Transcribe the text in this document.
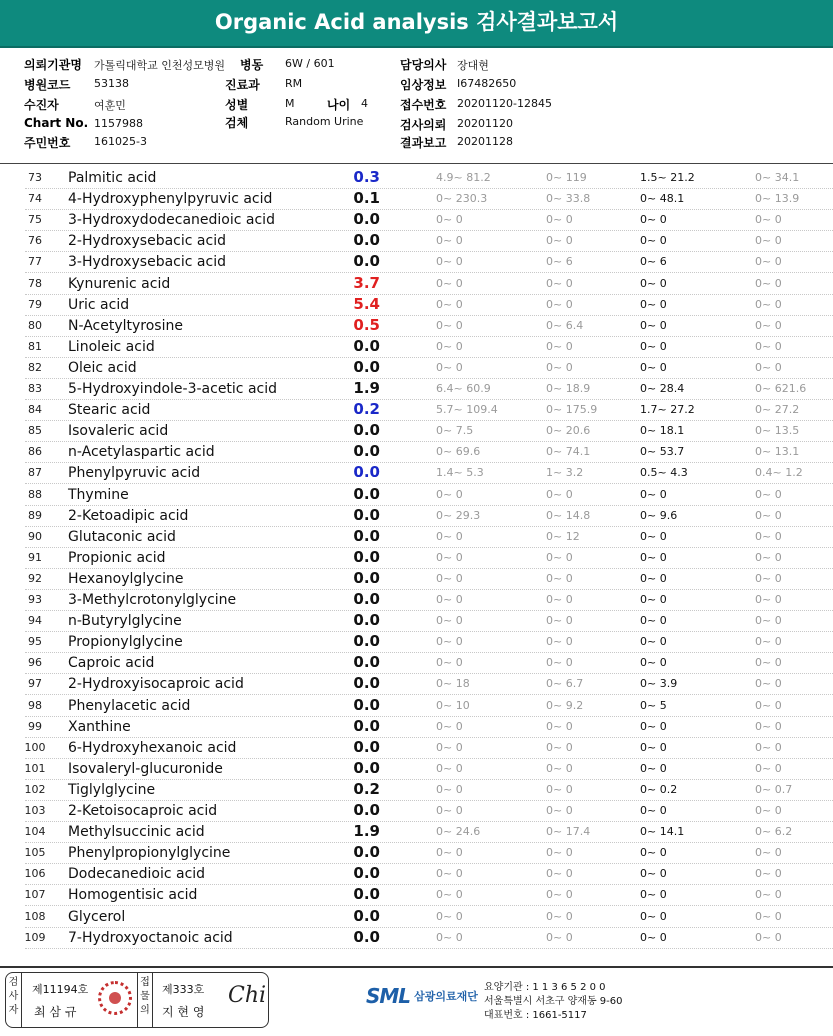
Organic Acid analysis 검사결과보고서
의뢰기관명 가톨릭대학교 인천성모병원 병동 6W / 601	담당의사 장대현
병원코드 53138	진료과 RM	임상정보 I67482650
수진자	여훈민	성별	M	나이 4	접수번호 20201120-12845
Chart No. 1157988	검체	Random Urine	검사의뢰 20201120
주민번호 161025-3	결과보고 20201128
73	Palmitic acid	0.3	4.9~ 81.2	0~ 119	1.5~ 21.2	0~ 34.1
74	4-Hydroxyphenylpyruvic acid	0.1	0~ 230.3	0~ 33.8	0~ 48.1	0~ 13.9
75	3-Hydroxydodecanedioic acid	0.0	0~ 0	0~ 0	0~ 0	0~ 0
76	2-Hydroxysebacic acid	0.0	0~ 0	0~ 0	0~ 0	0~ 0
77	3-Hydroxysebacic acid	0.0	0~ 0	0~ 6	0~ 6	0~ 0
78	Kynurenic acid	3.7	0~ 0	0~ 0	0~ 0	0~ 0
79	Uric acid	5.4	0~ 0	0~ 0	0~ 0	0~ 0
80	N-Acetyltyrosine	0.5	0~ 0	0~ 6.4	0~ 0	0~ 0
81	Linoleic acid	0.0	0~ 0	0~ 0	0~ 0	0~ 0
82	Oleic acid	0.0	0~ 0	0~ 0	0~ 0	0~ 0
83	5-Hydroxyindole-3-acetic acid	1.9	6.4~ 60.9	0~ 18.9	0~ 28.4	0~ 621.6
84	Stearic acid	0.2	5.7~ 109.4	0~ 175.9	1.7~ 27.2	0~ 27.2
85	Isovaleric acid	0.0	0~ 7.5	0~ 20.6	0~ 18.1	0~ 13.5
86	n-Acetylaspartic acid	0.0	0~ 69.6	0~ 74.1	0~ 53.7	0~ 13.1
87	Phenylpyruvic acid	0.0	1.4~ 5.3	1~ 3.2	0.5~ 4.3	0.4~ 1.2
88	Thymine	0.0	0~ 0	0~ 0	0~ 0	0~ 0
89	2-Ketoadipic acid	0.0	0~ 29.3	0~ 14.8	0~ 9.6	0~ 0
90	Glutaconic acid	0.0	0~ 0	0~ 12	0~ 0	0~ 0
91	Propionic acid	0.0	0~ 0	0~ 0	0~ 0	0~ 0
92	Hexanoylglycine	0.0	0~ 0	0~ 0	0~ 0	0~ 0
93	3-Methylcrotonylglycine	0.0	0~ 0	0~ 0	0~ 0	0~ 0
94	n-Butyrylglycine	0.0	0~ 0	0~ 0	0~ 0	0~ 0
95	Propionylglycine	0.0	0~ 0	0~ 0	0~ 0	0~ 0
96	Caproic acid	0.0	0~ 0	0~ 0	0~ 0	0~ 0
97	2-Hydroxyisocaproic acid	0.0	0~ 18	0~ 6.7	0~ 3.9	0~ 0
98	Phenylacetic acid	0.0	0~ 10	0~ 9.2	0~ 5	0~ 0
99	Xanthine	0.0	0~ 0	0~ 0	0~ 0	0~ 0
100	6-Hydroxyhexanoic acid	0.0	0~ 0	0~ 0	0~ 0	0~ 0
101	Isovaleryl-glucuronide	0.0	0~ 0	0~ 0	0~ 0	0~ 0
102	Tiglylglycine	0.2	0~ 0	0~ 0	0~ 0.2	0~ 0.7
103	2-Ketoisocaproic acid	0.0	0~ 0	0~ 0	0~ 0	0~ 0
104	Methylsuccinic acid	1.9	0~ 24.6	0~ 17.4	0~ 14.1	0~ 6.2
105	Phenylpropionylglycine	0.0	0~ 0	0~ 0	0~ 0	0~ 0
106	Dodecanedioic acid	0.0	0~ 0	0~ 0	0~ 0	0~ 0
107	Homogentisic acid	0.0	0~ 0	0~ 0	0~ 0	0~ 0
108	Glycerol	0.0	0~ 0	0~ 0	0~ 0	0~ 0
109	7-Hydroxyoctanoic acid	0.0	0~ 0	0~ 0	0~ 0	0~ 0
검사자
제11194호
최 삼 규
접물의
제333호
지 현 영
Chi	SML 삼광의료재단
요양기관 : 1 1 3 6 5 2 0 0
서울특별시 서초구 양재동 9-60
대표번호 : 1661-5117
